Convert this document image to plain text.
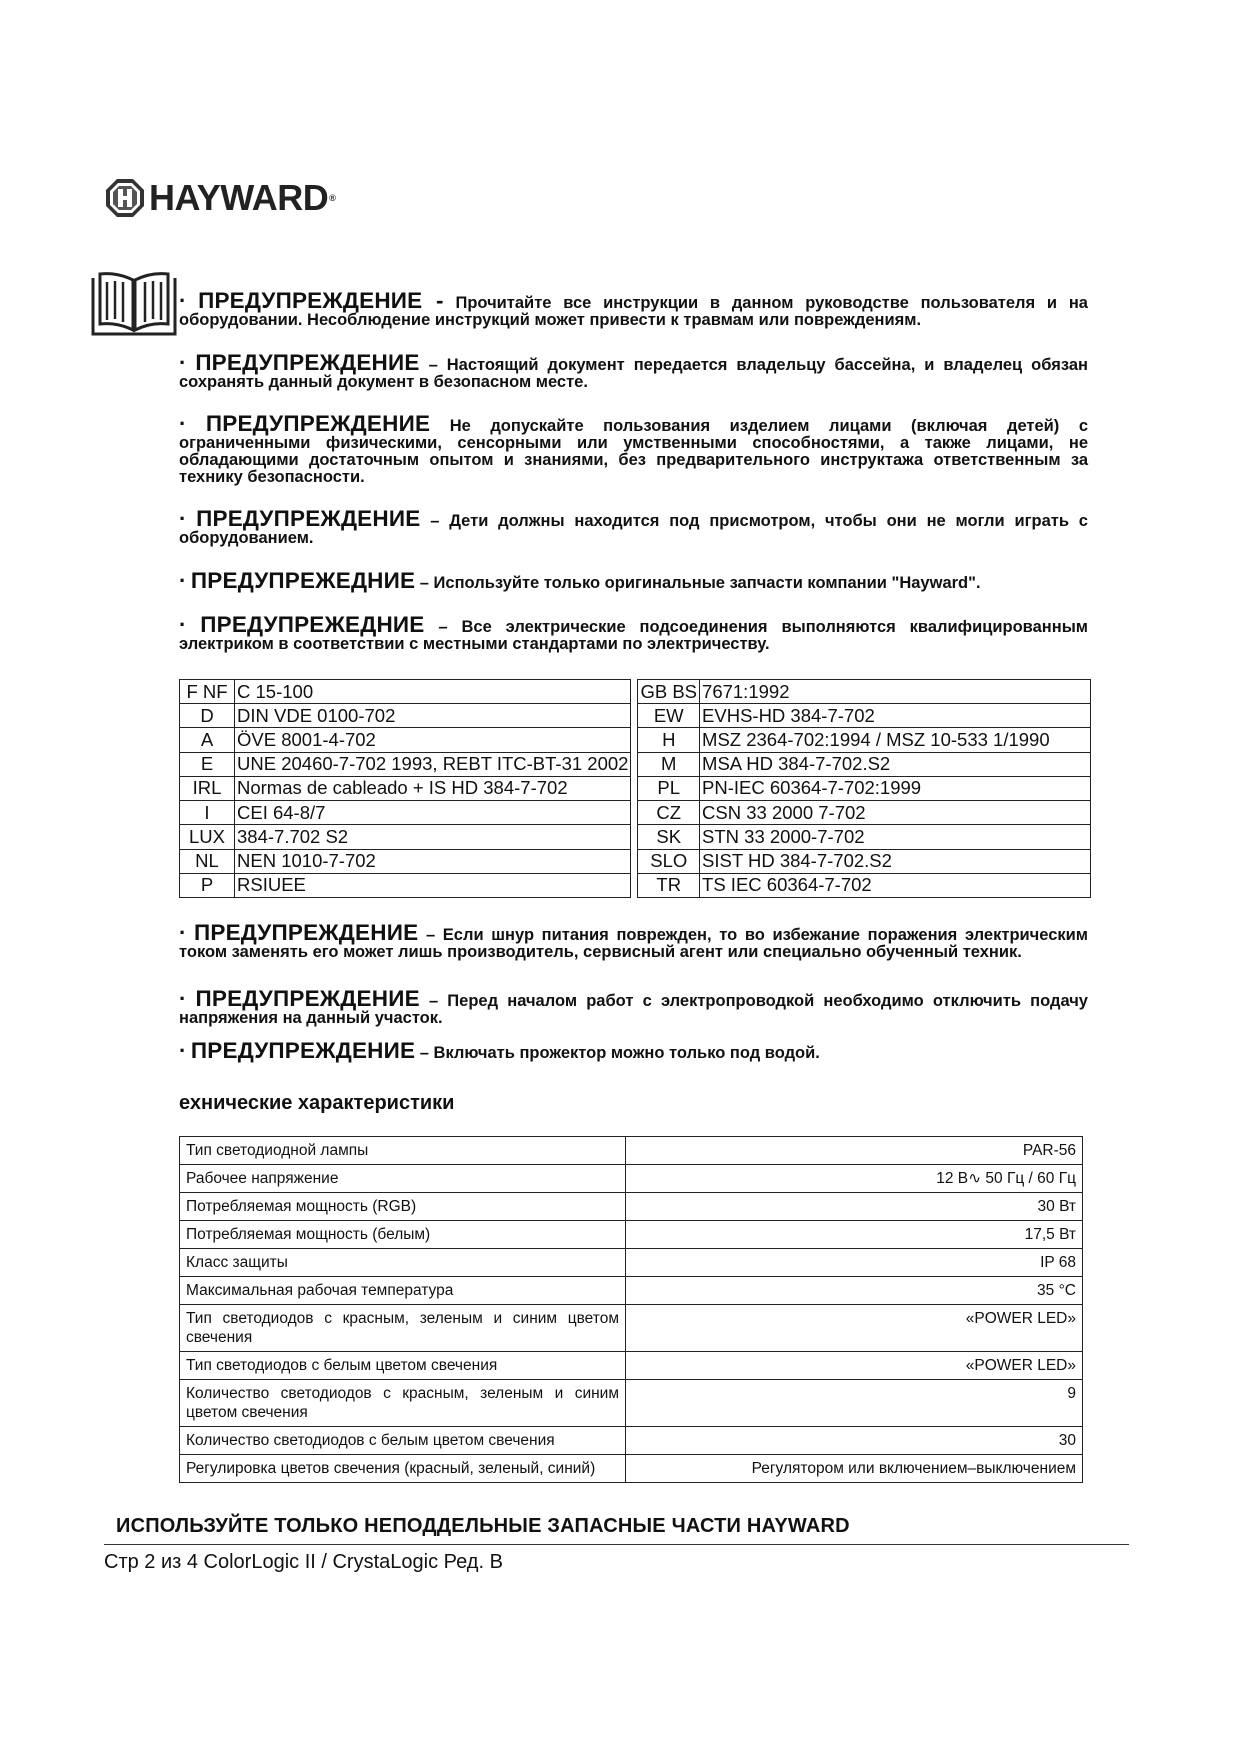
HAYWARD®
· ПРЕДУПРЕЖДЕНИЕ - Прочитайте все инструкции в данном руководстве пользователя и на оборудовании. Несоблюдение инструкций может привести к травмам или повреждениям.
· ПРЕДУПРЕЖДЕНИЕ – Настоящий документ передается владельцу бассейна, и владелец обязан сохранять данный документ в безопасном месте.
· ПРЕДУПРЕЖДЕНИЕ Не допускайте пользования изделием лицами (включая детей) с ограниченными физическими, сенсорными или умственными способностями, а также лицами, не обладающими достаточным опытом и знаниями, без предварительного инструктажа ответственным за технику безопасности.
· ПРЕДУПРЕЖДЕНИЕ – Дети должны находится под присмотром, чтобы они не могли играть с оборудованием.
· ПРЕДУПРЕЖЕДНИЕ – Используйте только оригинальные запчасти компании "Hayward".
· ПРЕДУПРЕЖЕДНИЕ – Все электрические подсоединения выполняются квалифицированным электриком в соответствии с местными стандартами по электричеству.
F NF	C 15-100		GB BS	7671:1992
D	DIN VDE 0100-702		EW	EVHS-HD 384-7-702
A	ÖVE 8001-4-702		H	MSZ 2364-702:1994 / MSZ 10-533 1/1990
E	UNE 20460-7-702 1993, REBT ITC-BT-31 2002		M	MSA HD 384-7-702.S2
IRL	Normas de cableado + IS HD 384-7-702		PL	PN-IEC 60364-7-702:1999
I	CEI 64-8/7		CZ	CSN 33 2000 7-702
LUX	384-7.702 S2		SK	STN 33 2000-7-702
NL	NEN 1010-7-702		SLO	SIST HD 384-7-702.S2
P	RSIUEE		TR	TS IEC 60364-7-702
· ПРЕДУПРЕЖДЕНИЕ – Если шнур питания поврежден, то во избежание поражения электрическим током заменять его может лишь производитель, сервисный агент или специально обученный техник.
· ПРЕДУПРЕЖДЕНИЕ – Перед началом работ с электропроводкой необходимо отключить подачу напряжения на данный участок.
· ПРЕДУПРЕЖДЕНИЕ – Включать прожектор можно только под водой.
ехнические характеристики
Тип светодиодной лампы	PAR-56
Рабочее напряжение	12 В∿ 50 Гц / 60 Гц
Потребляемая мощность (RGB)	30 Вт
Потребляемая мощность (белым)	17,5 Вт
Класс защиты	IP 68
Максимальная рабочая температура	35 °C
Тип светодиодов с красным, зеленым и синим цветом свечения	«POWER LED»
Тип светодиодов с белым цветом свечения	«POWER LED»
Количество светодиодов с красным, зеленым и синим цветом свечения	9
Количество светодиодов с белым цветом свечения	30
Регулировка цветов свечения (красный, зеленый, синий)	Регулятором или включением–выключением
ИСПОЛЬЗУЙТЕ ТОЛЬКО НЕПОДДЕЛЬНЫЕ ЗАПАСНЫЕ ЧАСТИ HAYWARD
Стр 2 из 4 ColorLogic II / CrystaLogic Ред. В
